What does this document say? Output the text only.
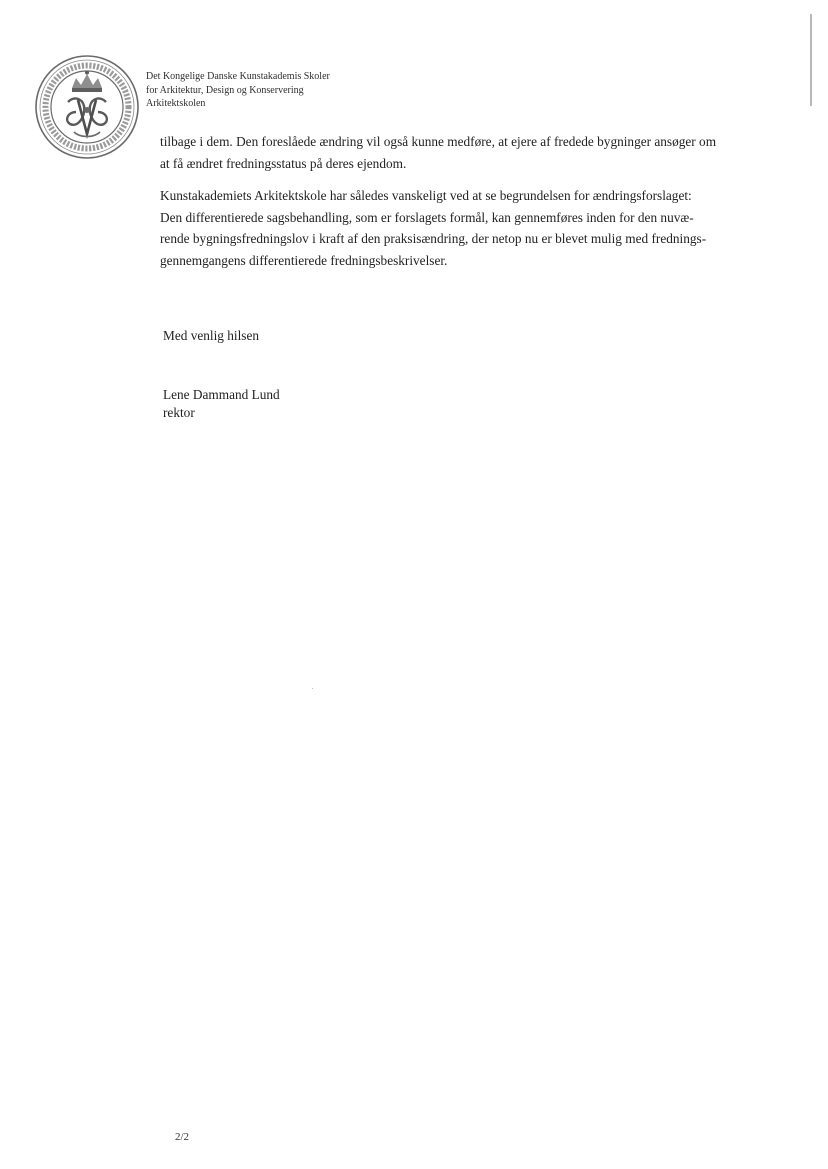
Det Kongelige Danske Kunstakademis Skoler
for Arkitektur, Design og Konservering
Arkitektskolen

tilbage i dem. Den foreslåede ændring vil også kunne medføre, at ejere af fredede bygninger ansøger om

at få ændret fredningsstatus på deres ejendom.

Kunstakademiets Arkitektskole har således vanskeligt ved at se begrundelsen for ændringsforslaget:

Den differentierede sagsbehandling, som er forslagets formål, kan gennemføres inden for den nuvæ-

rende bygningsfredningslov i kraft af den praksisændring, der netop nu er blevet mulig med frednings-

gennemgangens differentierede fredningsbeskrivelser.

Med venlig hilsen
Lene Dammand Lund
rektor
2/2
